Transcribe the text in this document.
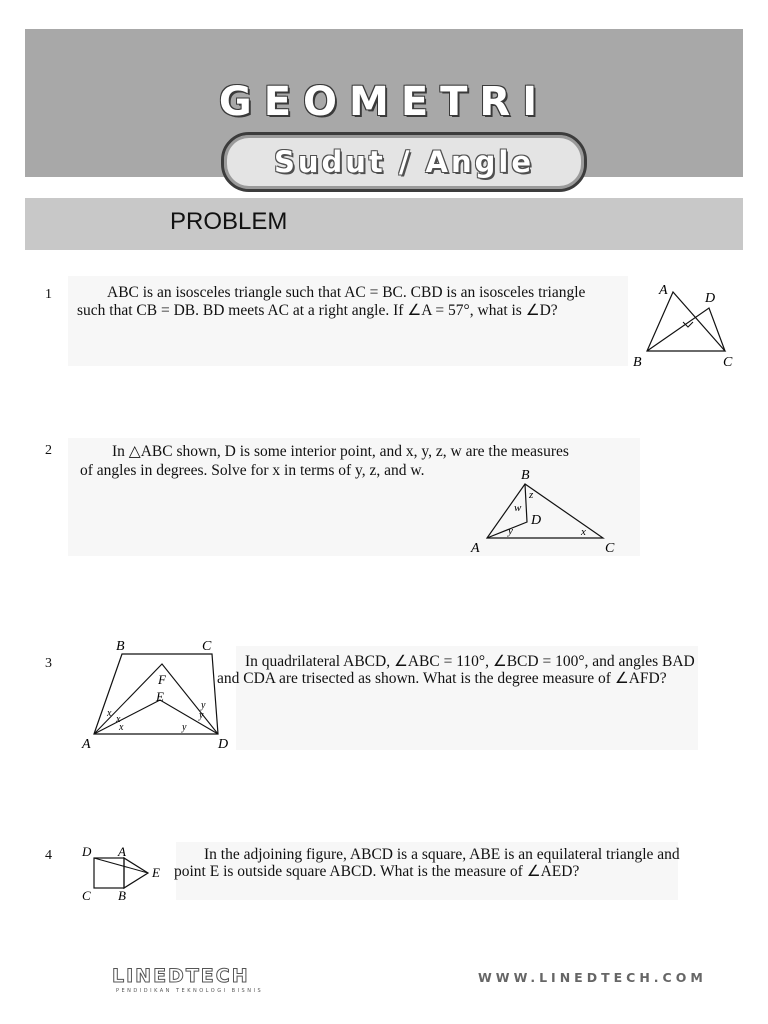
GEOMETRI
Sudut / Angle
PROBLEM
1	ABC is an isosceles triangle such that AC = BC. CBD is an isosceles triangle
such that CB = DB. BD meets AC at a right angle. If ∠A = 57°, what is ∠D?
A
D
B	C
2	In △ABC shown, D is some interior point, and x, y, z, w are the measures
of angles in degrees. Solve for x in terms of y, z, and w.	B
z
w
D
y	x
A	C
3	In quadrilateral ABCD, ∠ABC = 110°, ∠BCD = 100°, and angles BAD
and CDA are trisected as shown. What is the degree measure of ∠AFD?
B	C
F
E
x
x
x
y
y
y
A	D
4	In the adjoining figure, ABCD is a square, ABE is an equilateral triangle and
point E is outside square ABCD. What is the measure of ∠AED?
D A
E
C B
LINEDTECH
PENDIDIKAN TEKNOLOGI BISNIS
WWW.LINEDTECH.COM
